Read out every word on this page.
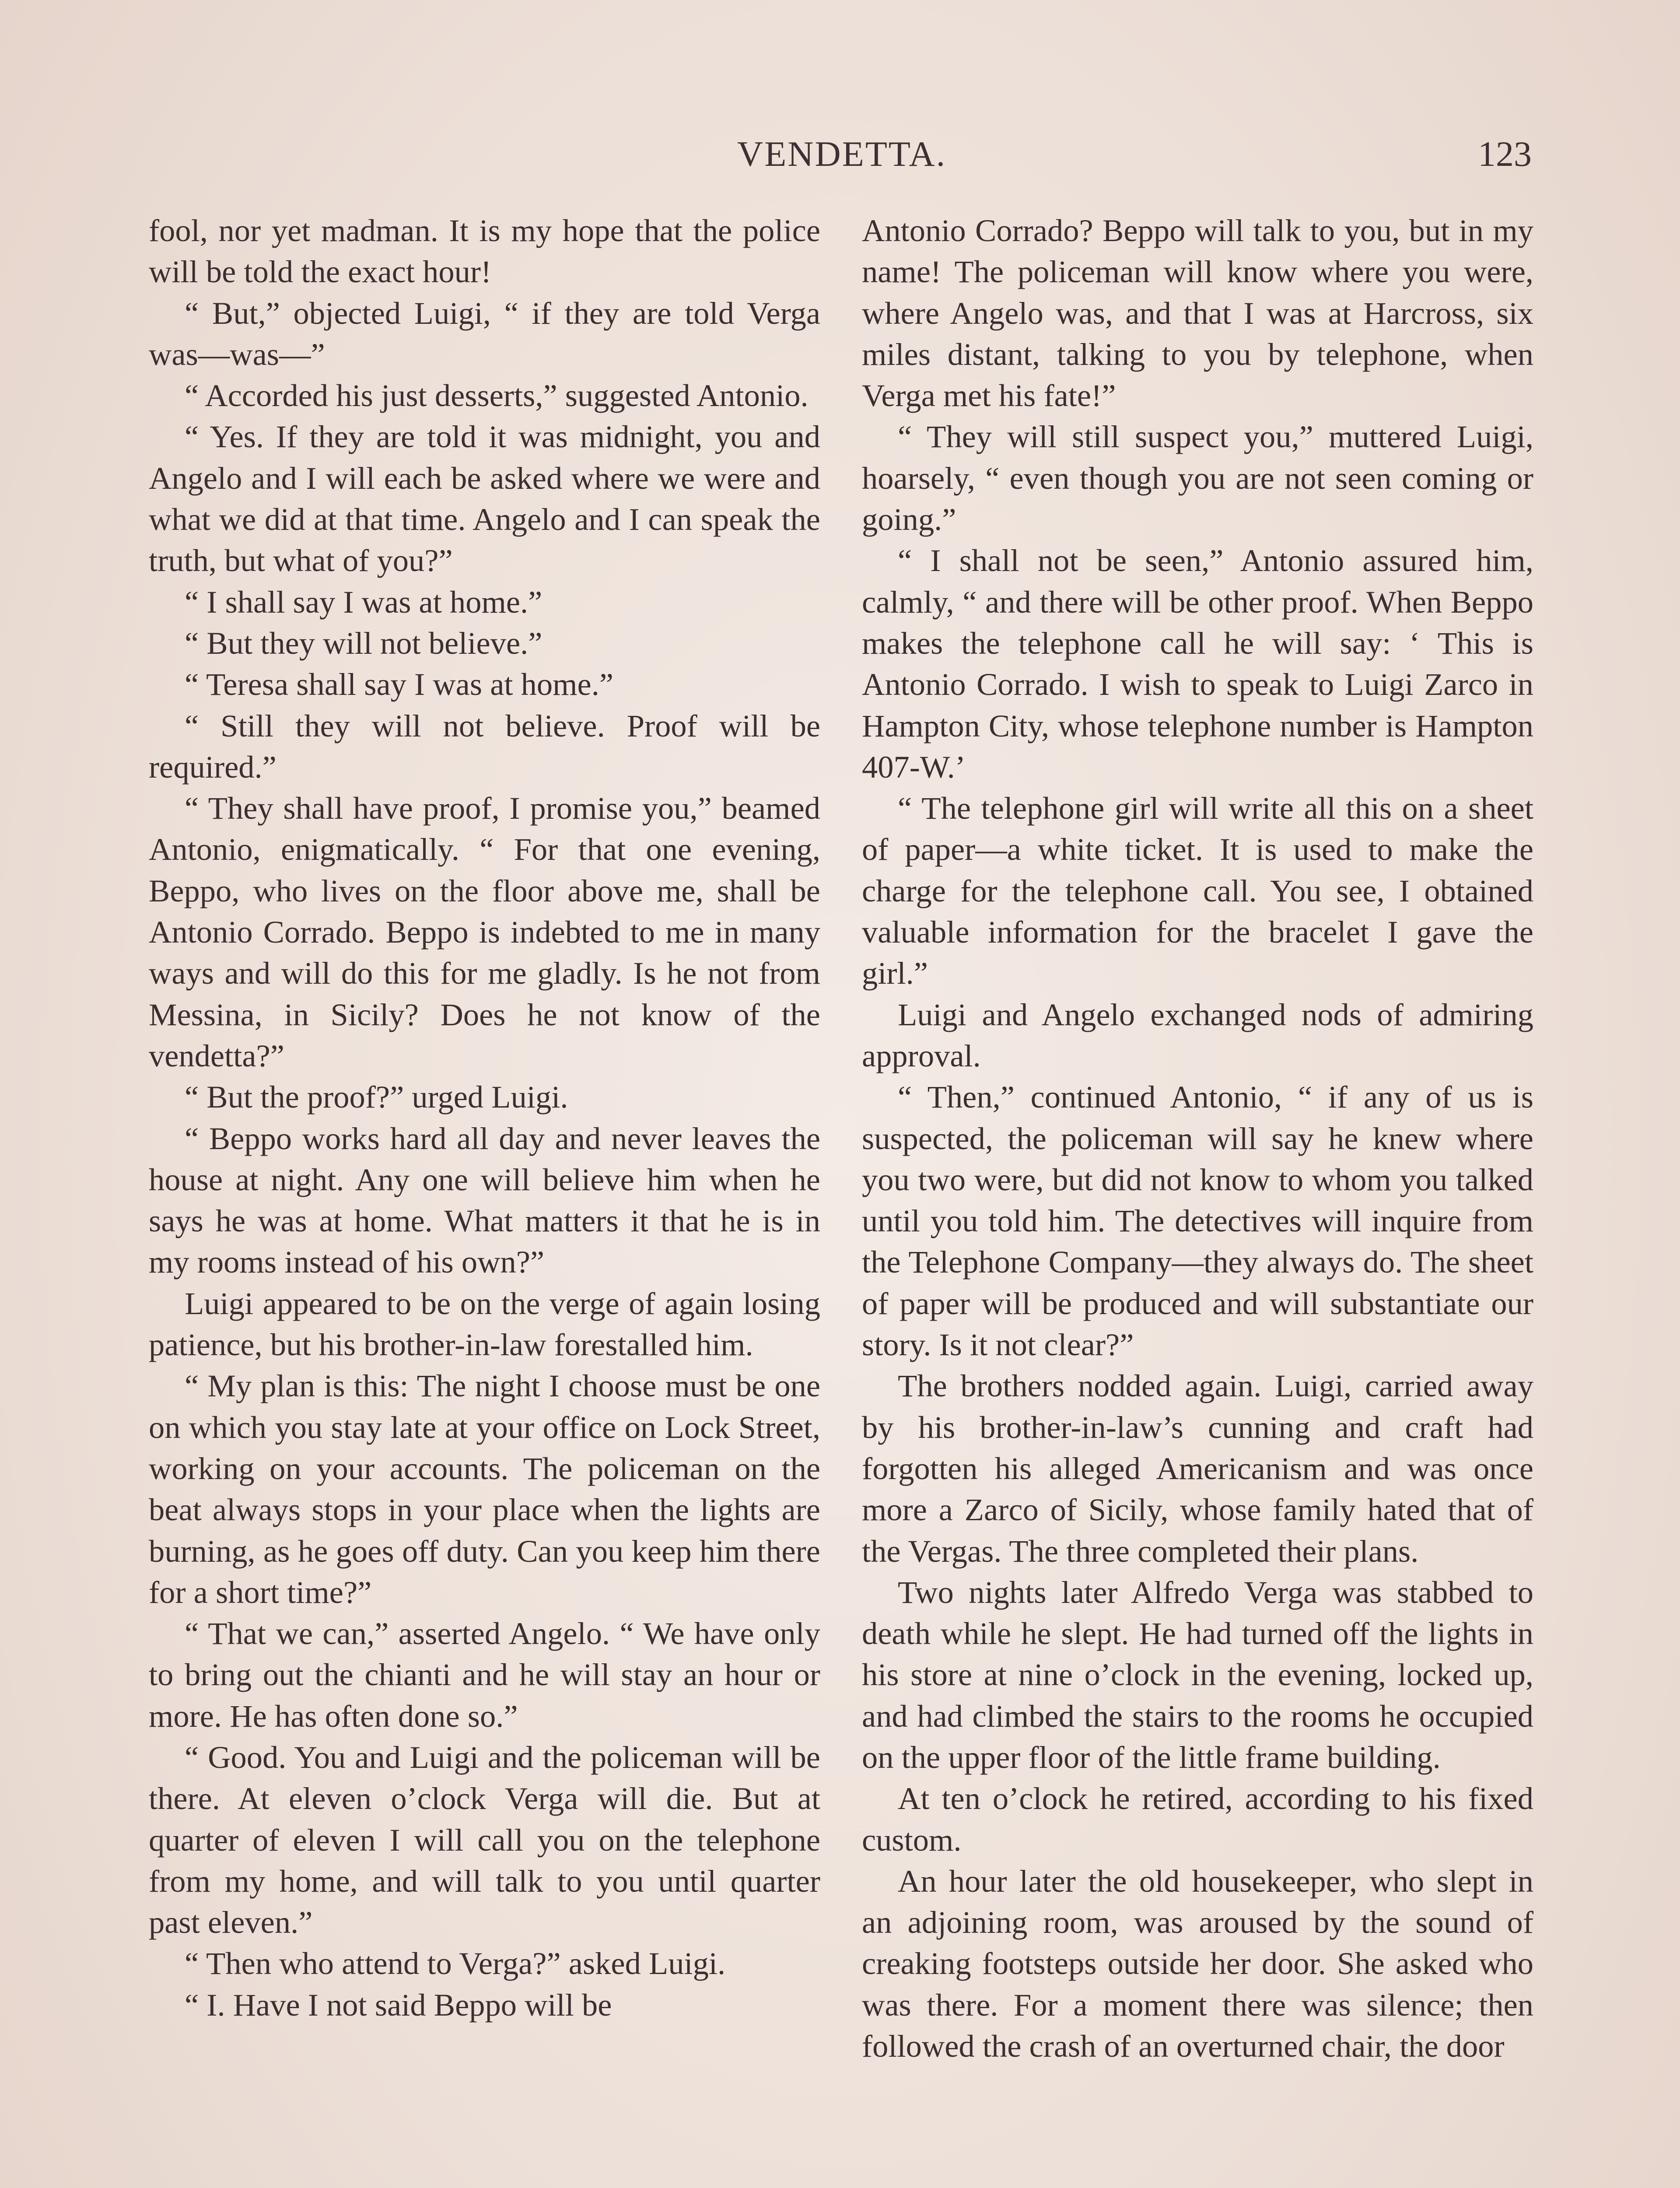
VENDETTA.	123

fool, nor yet madman. It is my hope that the police will be told the exact hour!

“ But,” objected Luigi, “ if they are told Verga was—was—”

“ Accorded his just desserts,” suggested Antonio.

“ Yes. If they are told it was midnight, you and Angelo and I will each be asked where we were and what we did at that time. Angelo and I can speak the truth, but what of you?”

“ I shall say I was at home.”

“ But they will not believe.”

“ Teresa shall say I was at home.”

“ Still they will not believe. Proof will be required.”

“ They shall have proof, I promise you,” beamed Antonio, enigmatically. “ For that one evening, Beppo, who lives on the floor above me, shall be Antonio Corrado. Beppo is indebted to me in many ways and will do this for me gladly. Is he not from Messina, in Sicily? Does he not know of the vendetta?”

“ But the proof?” urged Luigi.

“ Beppo works hard all day and never leaves the house at night. Any one will believe him when he says he was at home. What matters it that he is in my rooms instead of his own?”

Luigi appeared to be on the verge of again losing patience, but his brother-in-law forestalled him.

“ My plan is this: The night I choose must be one on which you stay late at your office on Lock Street, working on your accounts. The policeman on the beat always stops in your place when the lights are burning, as he goes off duty. Can you keep him there for a short time?”

“ That we can,” asserted Angelo. “ We have only to bring out the chianti and he will stay an hour or more. He has often done so.”

“ Good. You and Luigi and the policeman will be there. At eleven o’clock Verga will die. But at quarter of eleven I will call you on the telephone from my home, and will talk to you until quarter past eleven.”

“ Then who attend to Verga?” asked Luigi.

“ I. Have I not said Beppo will be

Antonio Corrado? Beppo will talk to you, but in my name! The policeman will know where you were, where Angelo was, and that I was at Harcross, six miles distant, talking to you by telephone, when Verga met his fate!”

“ They will still suspect you,” muttered Luigi, hoarsely, “ even though you are not seen coming or going.”

“ I shall not be seen,” Antonio assured him, calmly, “ and there will be other proof. When Beppo makes the telephone call he will say: ‘ This is Antonio Corrado. I wish to speak to Luigi Zarco in Hampton City, whose telephone number is Hampton 407-W.’

“ The telephone girl will write all this on a sheet of paper—a white ticket. It is used to make the charge for the telephone call. You see, I obtained valuable information for the bracelet I gave the girl.”

Luigi and Angelo exchanged nods of admiring approval.

“ Then,” continued Antonio, “ if any of us is suspected, the policeman will say he knew where you two were, but did not know to whom you talked until you told him. The detectives will inquire from the Telephone Company—they always do. The sheet of paper will be produced and will substantiate our story. Is it not clear?”

The brothers nodded again. Luigi, carried away by his brother-in-law’s cunning and craft had forgotten his alleged Americanism and was once more a Zarco of Sicily, whose family hated that of the Vergas. The three completed their plans.

Two nights later Alfredo Verga was stabbed to death while he slept. He had turned off the lights in his store at nine o’clock in the evening, locked up, and had climbed the stairs to the rooms he occupied on the upper floor of the little frame building.

At ten o’clock he retired, according to his fixed custom.

An hour later the old housekeeper, who slept in an adjoining room, was aroused by the sound of creaking footsteps outside her door. She asked who was there. For a moment there was silence; then followed the crash of an overturned chair, the door
